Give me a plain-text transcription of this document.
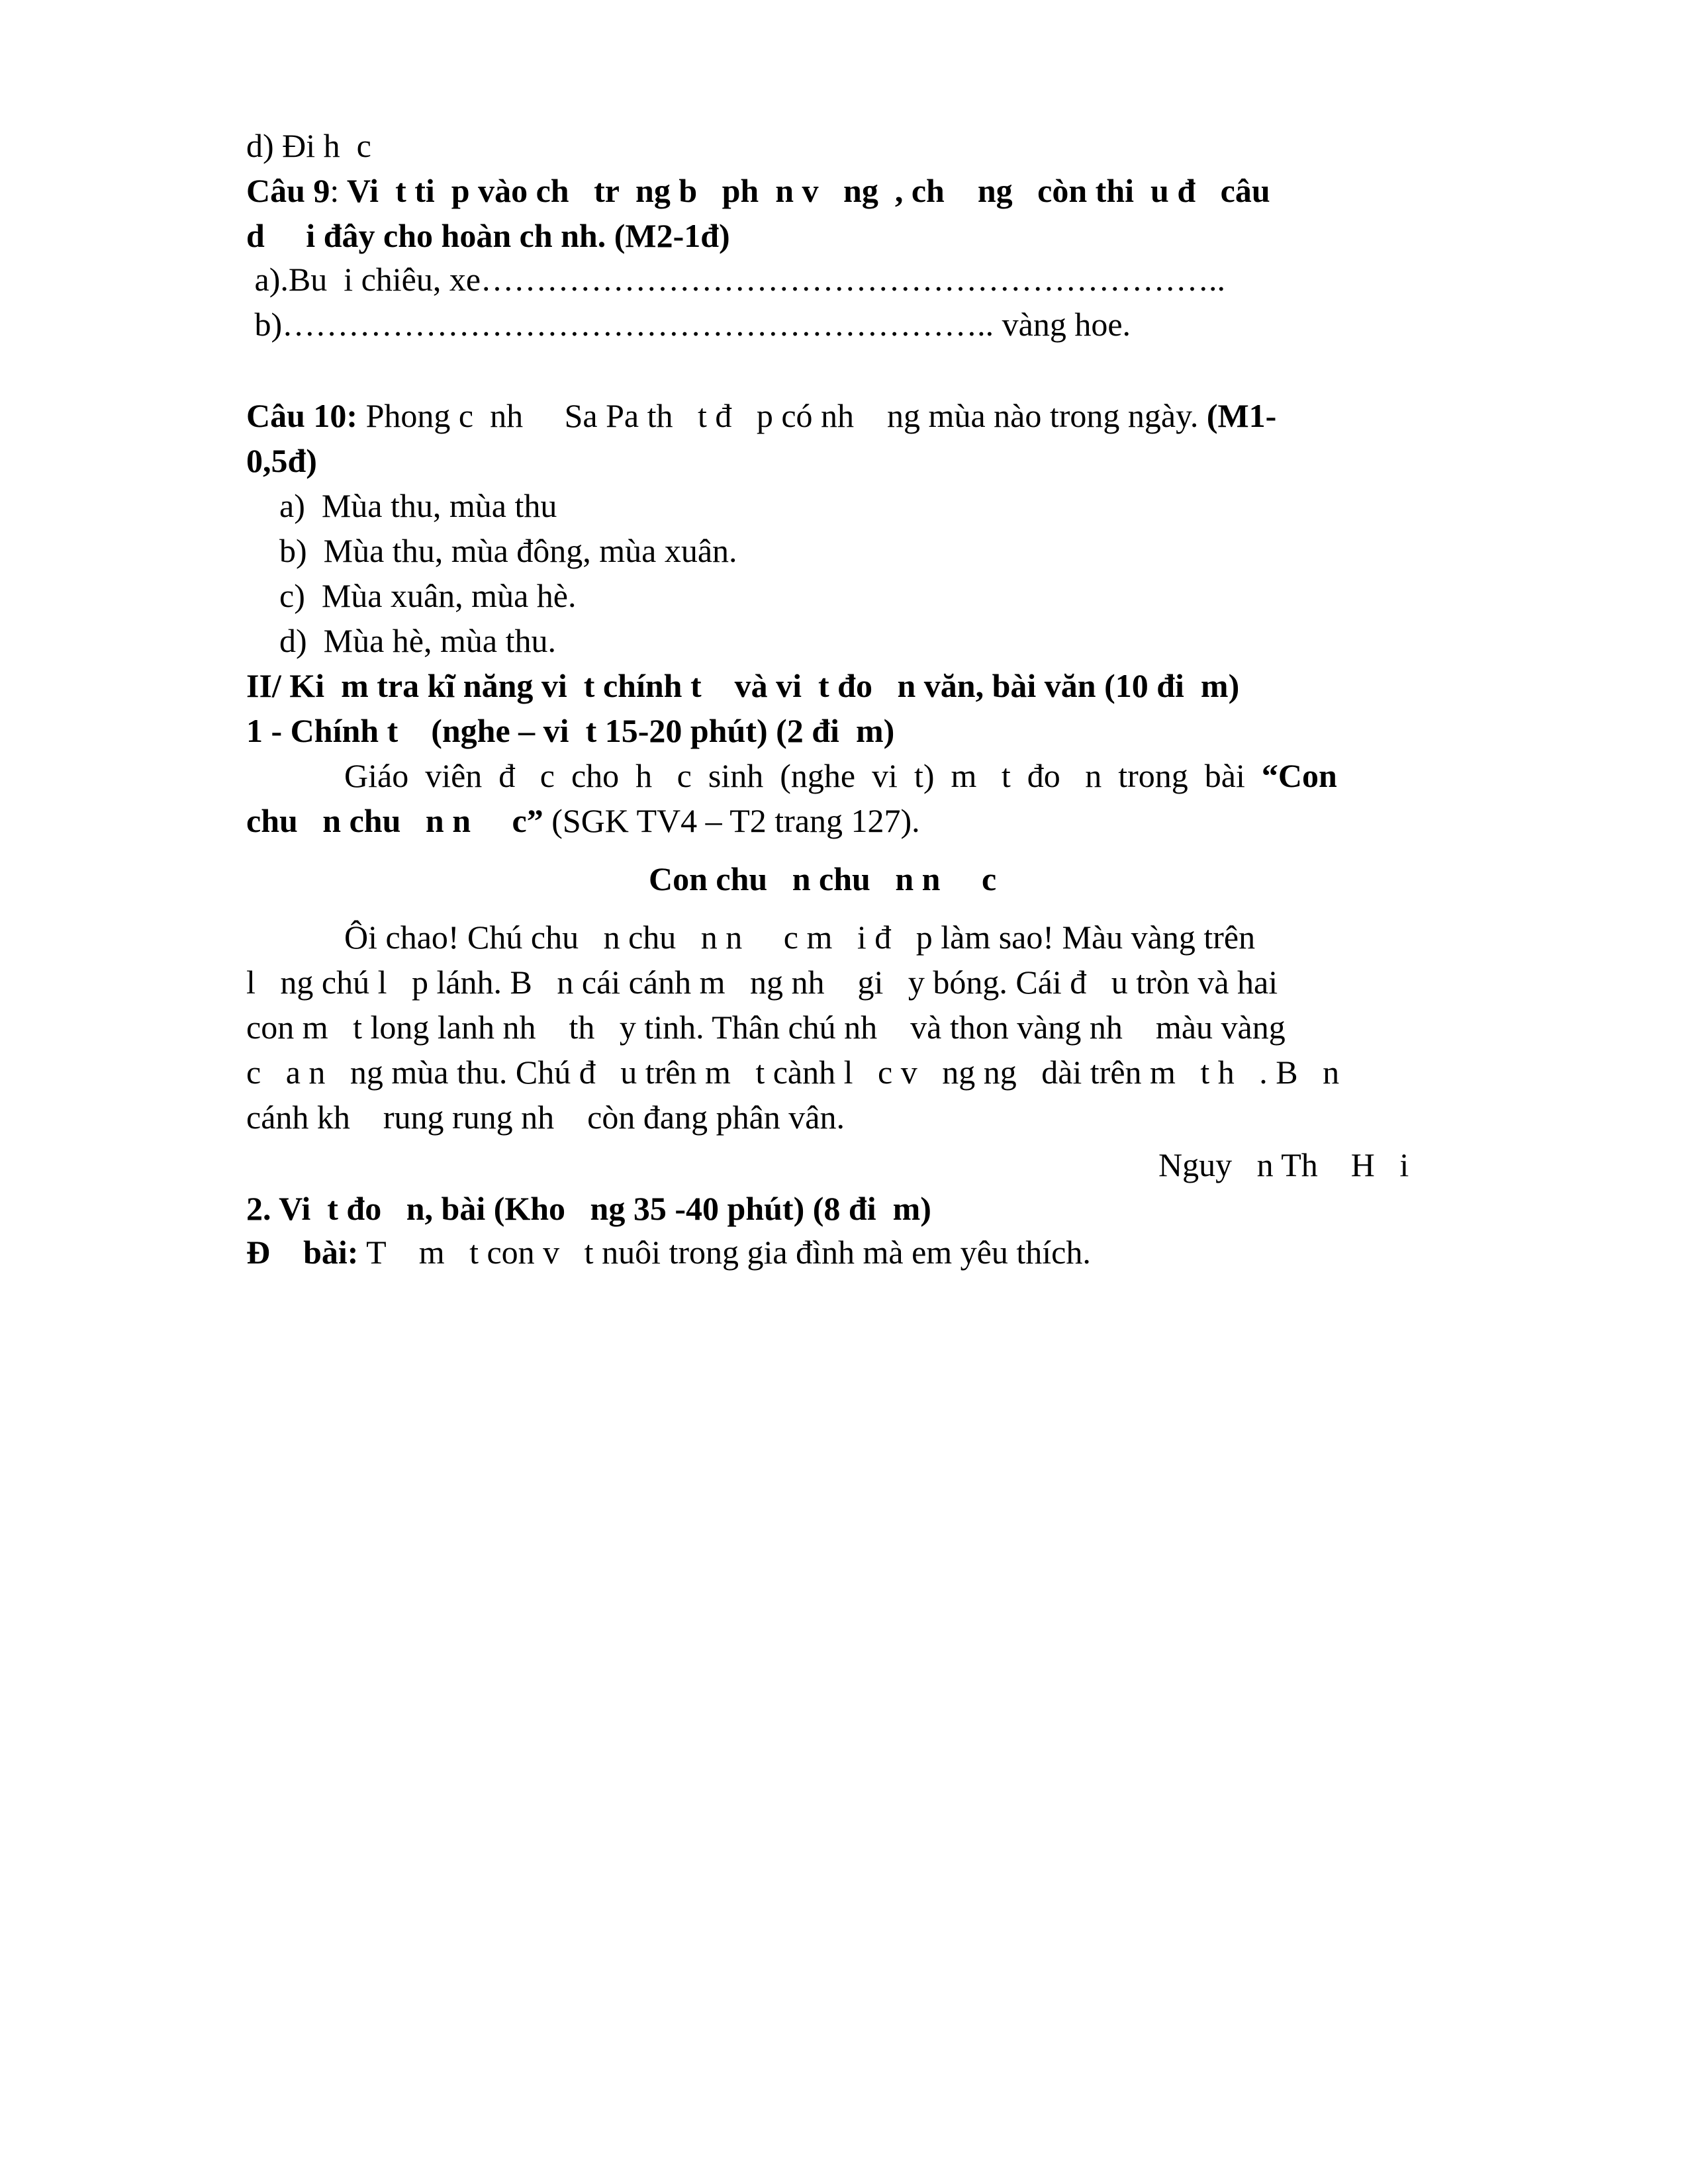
d) Đi h  c

Câu 9: Vi  t ti  p vào ch   tr  ng b   ph  n v   ng  , ch    ng   còn thi  u đ   câu

d     i đây cho hoàn ch nh. (M2-1đ)

a).Bu  i chiêu, xe…………………………………………………………..

b)……………………………………………………….. vàng hoe.

Câu 10: Phong c  nh     Sa Pa th   t đ   p có nh    ng mùa nào trong ngày. (M1-

0,5đ)

a)  Mùa thu, mùa thu

b)  Mùa thu, mùa đông, mùa xuân.

c)  Mùa xuân, mùa hè.

d)  Mùa hè, mùa thu.

II/ Ki  m tra kĩ năng vi  t chính t    và vi  t đo   n văn, bài văn (10 đi  m)

1 - Chính t    (nghe – vi  t 15-20 phút) (2 đi  m)

Giáo  viên  đ   c  cho  h   c  sinh  (nghe  vi  t)  m   t  đo   n  trong  bài  “Con

chu   n chu   n n     c” (SGK TV4 – T2 trang 127).

Con chu   n chu   n n     c

Ôi chao! Chú chu   n chu   n n     c m   i đ   p làm sao! Màu vàng trên

l   ng chú l   p lánh. B   n cái cánh m   ng nh    gi   y bóng. Cái đ   u tròn và hai

con m   t long lanh nh    th   y tinh. Thân chú nh    và thon vàng nh    màu vàng

c   a n   ng mùa thu. Chú đ   u trên m   t cành l   c v   ng ng   dài trên m   t h   . B   n

cánh kh    rung rung nh    còn đang phân vân.

Nguy   n Th    H   i

2. Vi  t đo   n, bài (Kho   ng 35 -40 phút) (8 đi  m)

Đ    bài: T    m   t con v   t nuôi trong gia đình mà em yêu thích.
